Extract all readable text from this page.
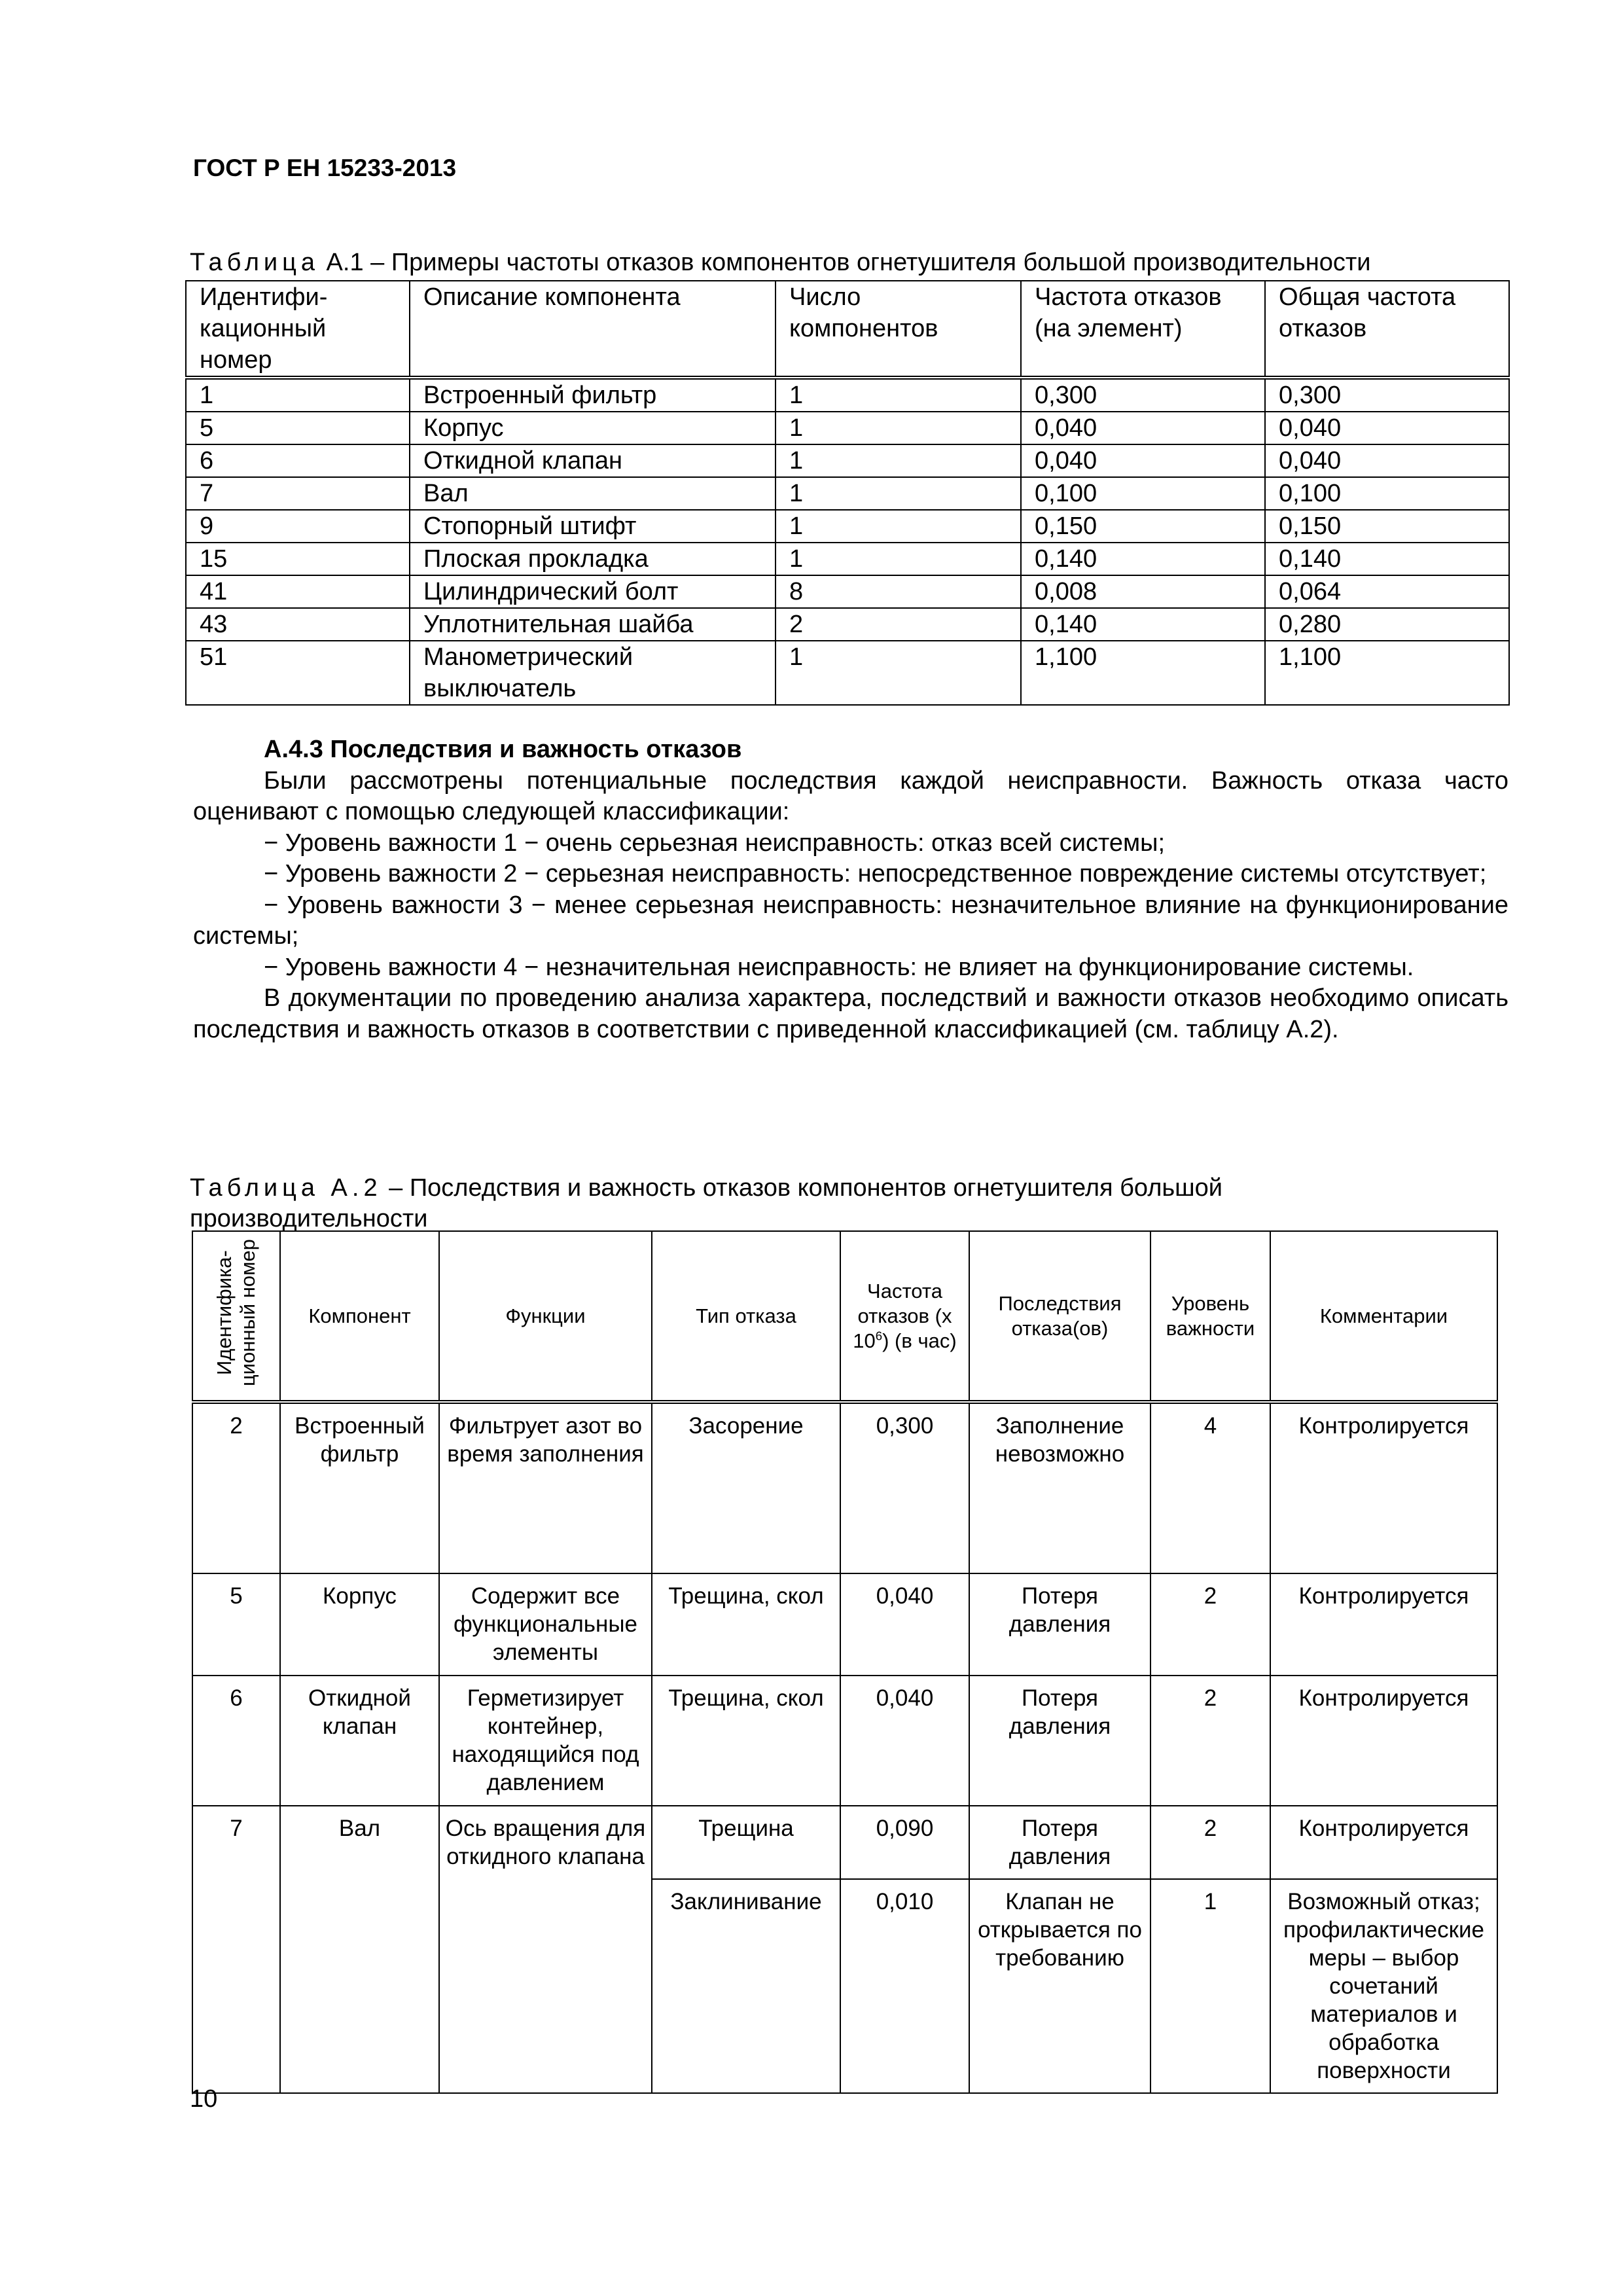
ГОСТ Р ЕН 15233-2013
Таблица А.1 – Примеры частоты отказов компонентов огнетушителя большой производительности
Идентифи-кационный номер	Описание компонента	Число компонентов	Частота отказов (на элемент)	Общая частота отказов
1	Встроенный фильтр	1	0,300	0,300
5	Корпус	1	0,040	0,040
6	Откидной клапан	1	0,040	0,040
7	Вал	1	0,100	0,100
9	Стопорный штифт	1	0,150	0,150
15	Плоская прокладка	1	0,140	0,140
41	Цилиндрический болт	8	0,008	0,064
43	Уплотнительная шайба	2	0,140	0,280
51	Манометрический выключатель	1	1,100	1,100
А.4.3 Последствия и важность отказов

Были рассмотрены потенциальные последствия каждой неисправности. Важность отказа часто оценивают с помощью следующей классификации:

− Уровень важности 1 − очень серьезная неисправность: отказ всей системы;

− Уровень важности 2 − серьезная неисправность: непосредственное повреждение системы отсутствует;

− Уровень важности 3 − менее серьезная неисправность: незначительное влияние на функционирование системы;

− Уровень важности 4 − незначительная неисправность: не влияет на функционирование системы.

В документации по проведению анализа характера, последствий и важности отказов необходимо описать последствия и важность отказов в соответствии с приведенной классификацией (см. таблицу А.2).

Таблица А.2 – Последствия и важность отказов компонентов огнетушителя большой производительности
Идентифика-ционный номер	Компонент	Функции	Тип отказа	Частота отказов (x $10^6$) (в час)	Последствия отказа(ов)	Уровень важности	Комментарии
2	Встроенный фильтр	Фильтрует азот во время заполнения	Засорение	0,300	Заполнение невозможно	4	Контролируется
5	Корпус	Содержит все функциональные элементы	Трещина, скол	0,040	Потеря давления	2	Контролируется
6	Откидной клапан	Герметизирует контейнер, находящийся под давлением	Трещина, скол	0,040	Потеря давления	2	Контролируется
7	Вал	Ось вращения для откидного клапана	Трещина	0,090	Потеря давления	2	Контролируется
			Заклинивание	0,010	Клапан не открывается по требованию	1	Возможный отказ; профилактические меры – выбор сочетаний материалов и обработка поверхности
10
